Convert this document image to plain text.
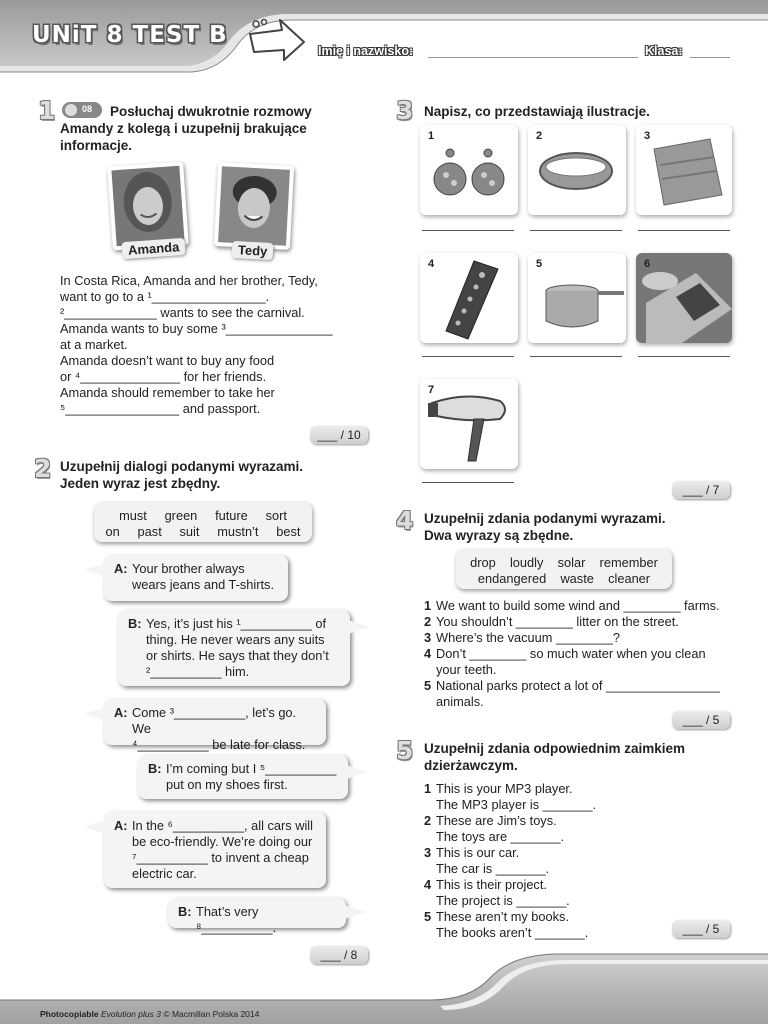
UNiT 8 TEST B
Imię i nazwisko:	Klasa:
1	08 Posłuchaj dwukrotnie rozmowy
Amandy z kolegą i uzupełnij brakujące
informacje.
Amanda	Tedy
In Costa Rica, Amanda and her brother, Tedy,
want to go to a ¹________________.
²_____________ wants to see the carnival.
Amanda wants to buy some ³_______________
at a market.
Amanda doesn’t want to buy any food
or ⁴______________ for her friends.
Amanda should remember to take her
⁵________________ and passport.
___ / 10
2 Uzupełnij dialogi podanymi wyrazami.
Jeden wyraz jest zbędny.
must     green     future     sort
on     past     suit     mustn’t     best
A: Your brother always
wears jeans and T-shirts.
B: Yes, it’s just his ¹__________ of
thing. He never wears any suits
or shirts. He says that they don’t
²__________ him.
A: Come ³__________, let’s go. We
⁴__________ be late for class.
B: I’m coming but I ⁵__________
put on my shoes first.
A: In the ⁶__________, all cars will
be eco-friendly. We’re doing our
⁷__________ to invent a cheap
electric car.
B: That’s very ⁸__________.
___ / 8
3 Napisz, co przedstawiają ilustracje.
1	2	3
4	5	6
7
___ / 7
4 Uzupełnij zdania podanymi wyrazami.
Dwa wyrazy są zbędne.
drop    loudly    solar    remember
endangered    waste    cleaner
1 We want to build some wind and ________ farms.
2 You shouldn’t ________ litter on the street.
3 Where’s the vacuum ________?
4 Don’t ________ so much water when you clean
your teeth.
5 National parks protect a lot of ________________
animals.
___ / 5
5 Uzupełnij zdania odpowiednim zaimkiem
dzierżawczym.
1 This is your MP3 player.
The MP3 player is _______.
2 These are Jim’s toys.
The toys are _______.
3 This is our car.
The car is _______.
4 This is their project.
The project is _______.
5 These aren’t my books.
The books aren’t _______.	___ / 5
Photocopiable Evolution plus 3 © Macmillan Polska 2014
